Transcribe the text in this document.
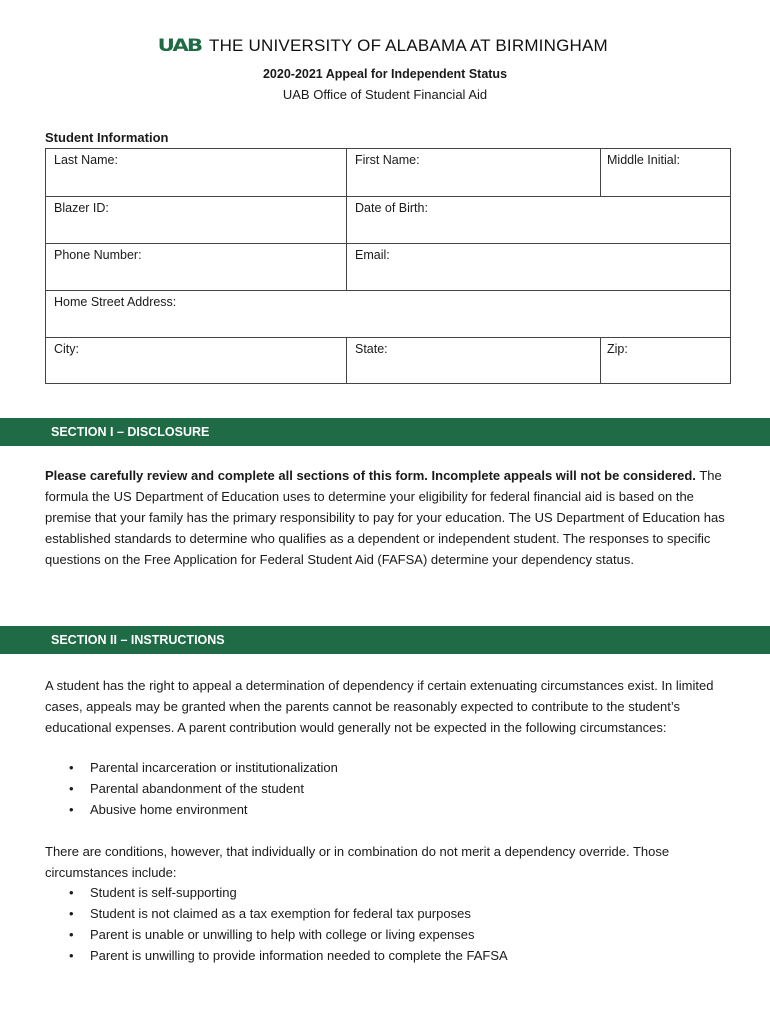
UAB THE UNIVERSITY OF ALABAMA AT BIRMINGHAM
2020-2021 Appeal for Independent Status
UAB Office of Student Financial Aid
Student Information
Last Name:	First Name:	Middle Initial:
Blazer ID:	Date of Birth:
Phone Number:	Email:
Home Street Address:
City:	State:	Zip:
SECTION I – DISCLOSURE
Please carefully review and complete all sections of this form. Incomplete appeals will not be considered. The formula the US Department of Education uses to determine your eligibility for federal financial aid is based on the premise that your family has the primary responsibility to pay for your education. The US Department of Education has established standards to determine who qualifies as a dependent or independent student. The responses to specific questions on the Free Application for Federal Student Aid (FAFSA) determine your dependency status.
SECTION II – INSTRUCTIONS
A student has the right to appeal a determination of dependency if certain extenuating circumstances exist. In limited cases, appeals may be granted when the parents cannot be reasonably expected to contribute to the student’s educational expenses. A parent contribution would generally not be expected in the following circumstances:
• Parental incarceration or institutionalization
• Parental abandonment of the student
• Abusive home environment
There are conditions, however, that individually or in combination do not merit a dependency override. Those circumstances include:
• Student is self-supporting
• Student is not claimed as a tax exemption for federal tax purposes
• Parent is unable or unwilling to help with college or living expenses
• Parent is unwilling to provide information needed to complete the FAFSA
